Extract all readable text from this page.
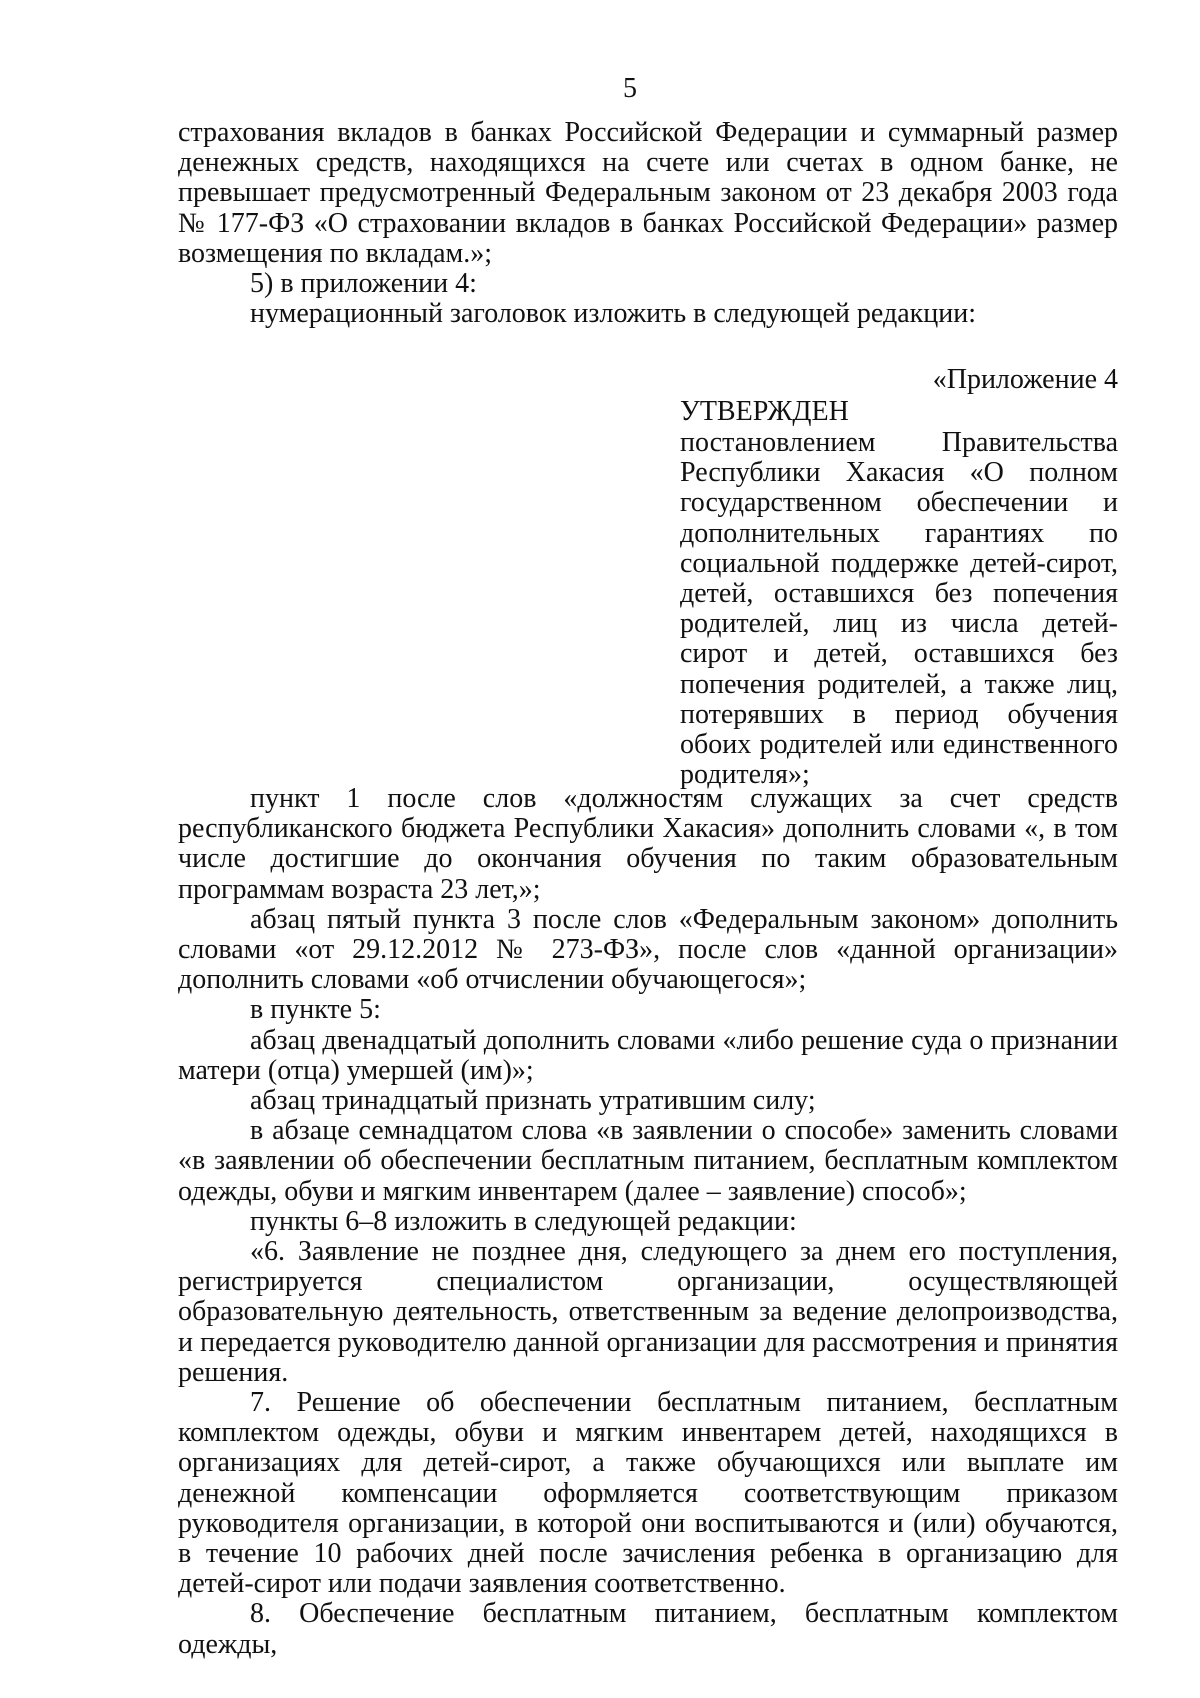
5

страхования вкладов в банках Российской Федерации и суммарный размер денежных средств, находящихся на счете или счетах в одном банке, не превышает предусмотренный Федеральным законом от 23 декабря 2003 года № 177-ФЗ «О страховании вкладов в банках Российской Федерации» размер возмещения по вкладам.»;

5) в приложении 4:

нумерационный заголовок изложить в следующей редакции:

«Приложение 4
УТВЕРЖДЕН
постановлением Правительства Республики Хакасия «О полном государственном обеспечении и дополнительных гарантиях по социальной поддержке детей-сирот, детей, оставшихся без попечения родителей, лиц из числа детей-сирот и детей, оставшихся без попечения родителей, а также лиц, потерявших в период обучения обоих родителей или единственного родителя»;

пункт 1 после слов «должностям служащих за счет средств республиканского бюджета Республики Хакасия» дополнить словами «, в том числе достигшие до окончания обучения по таким образовательным программам возраста 23 лет,»;

абзац пятый пункта 3 после слов «Федеральным законом» дополнить словами «от 29.12.2012 № 273-ФЗ», после слов «данной организации» дополнить словами «об отчислении обучающегося»;

в пункте 5:

абзац двенадцатый дополнить словами «либо решение суда о признании матери (отца) умершей (им)»;

абзац тринадцатый признать утратившим силу;

в абзаце семнадцатом слова «в заявлении о способе» заменить словами «в заявлении об обеспечении бесплатным питанием, бесплатным комплектом одежды, обуви и мягким инвентарем (далее – заявление) способ»;

пункты 6–8 изложить в следующей редакции:

«6. Заявление не позднее дня, следующего за днем его поступления, регистрируется специалистом организации, осуществляющей образовательную деятельность, ответственным за ведение делопроизводства, и передается руководителю данной организации для рассмотрения и принятия решения.

7. Решение об обеспечении бесплатным питанием, бесплатным комплектом одежды, обуви и мягким инвентарем детей, находящихся в организациях для детей-сирот, а также обучающихся или выплате им денежной компенсации оформляется соответствующим приказом руководителя организации, в которой они воспитываются и (или) обучаются, в течение 10 рабочих дней после зачисления ребенка в организацию для детей-сирот или подачи заявления соответственно.

8. Обеспечение бесплатным питанием, бесплатным комплектом одежды,
